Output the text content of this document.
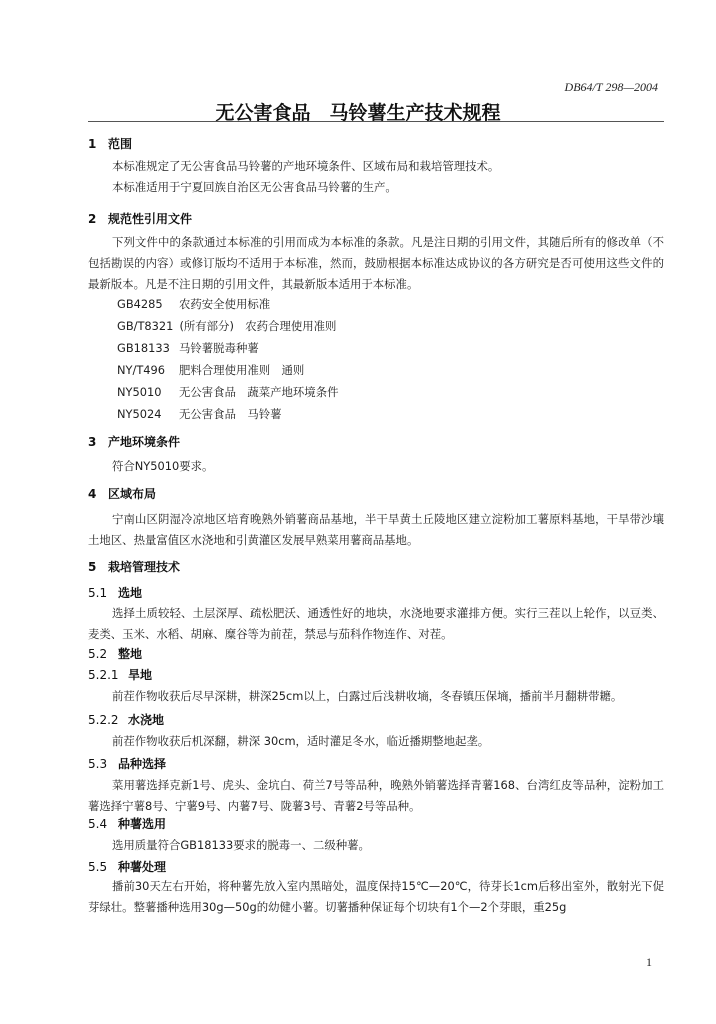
DB64/T 298—2004
无公害食品　马铃薯生产技术规程
1 范围
本标准规定了无公害食品马铃薯的产地环境条件、区域布局和栽培管理技术。
本标准适用于宁夏回族自治区无公害食品马铃薯的生产。
2 规范性引用文件
下列文件中的条款通过本标准的引用而成为本标准的条款。凡是注日期的引用文件，其随后所有的修改单（不包括勘误的内容）或修订版均不适用于本标准，然而，鼓励根据本标准达成协议的各方研究是否可使用这些文件的最新版本。凡是不注日期的引用文件，其最新版本适用于本标准。
GB4285 农药安全使用标准
GB/T8321 (所有部分)　农药合理使用准则
GB18133 马铃薯脱毒种薯
NY/T496 肥料合理使用准则　通则
NY5010 无公害食品　蔬菜产地环境条件
NY5024 无公害食品　马铃薯
3 产地环境条件
符合NY5010要求。
4 区域布局
宁南山区阴湿冷凉地区培育晚熟外销薯商品基地，半干旱黄土丘陵地区建立淀粉加工薯原料基地，干旱带沙壤土地区、热量富值区水浇地和引黄灌区发展早熟菜用薯商品基地。
5 栽培管理技术
5.1 选地
选择土质较轻、土层深厚、疏松肥沃、通透性好的地块，水浇地要求灌排方便。实行三茬以上轮作，以豆类、麦类、玉米、水稻、胡麻、糜谷等为前茬，禁忌与茄科作物连作、对茬。
5.2 整地
5.2.1 旱地
前茬作物收获后尽早深耕，耕深25cm以上，白露过后浅耕收墒，冬春镇压保墒，播前半月翻耕带耱。
5.2.2 水浇地
前茬作物收获后机深翻，耕深 30cm，适时灌足冬水，临近播期整地起垄。
5.3 品种选择
菜用薯选择克新1号、虎头、金坑白、荷兰7号等品种，晚熟外销薯选择青薯168、台湾红皮等品种，淀粉加工薯选择宁薯8号、宁薯9号、内薯7号、陇薯3号、青薯2号等品种。
5.4 种薯选用
选用质量符合GB18133要求的脱毒一、二级种薯。
5.5 种薯处理
播前30天左右开始，将种薯先放入室内黑暗处，温度保持15℃—20℃，待芽长1cm后移出室外，散射光下促芽绿壮。整薯播种选用30g—50g的幼健小薯。切薯播种保证每个切块有1个—2个芽眼，重25g
1
